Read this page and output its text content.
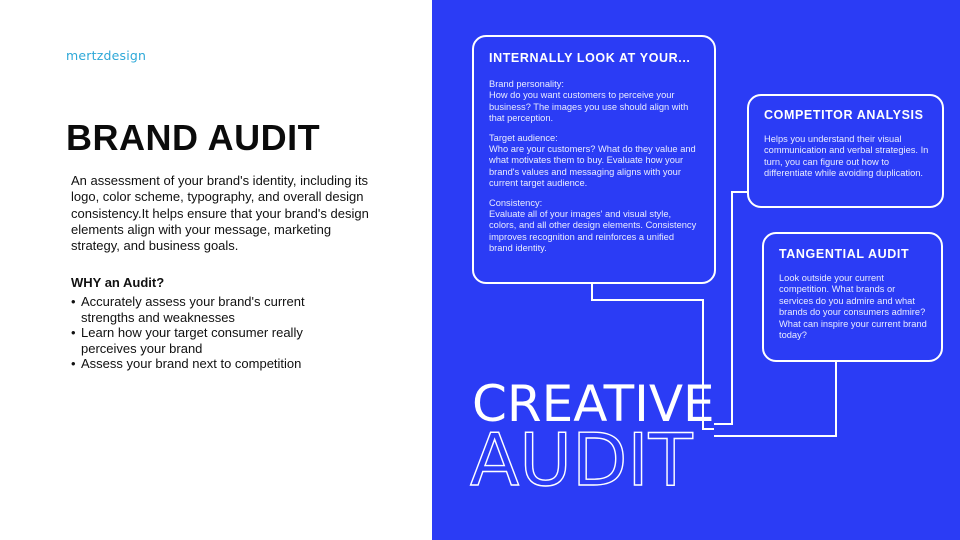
mertzdesign
BRAND AUDIT

An assessment of your brand's identity, including its logo, color scheme, typography, and overall design consistency.It helps ensure that your brand's design elements align with your message, marketing strategy, and business goals.

WHY an Audit?
• Accurately assess your brand's current strengths and weaknesses
• Learn how your target consumer really perceives your brand
• Assess your brand next to competition
INTERNALLY LOOK AT YOUR...

Brand personality:

How do you want customers to perceive your business? The images you use should align with that perception.

Target audience:

Who are your customers? What do they value and what motivates them to buy. Evaluate how your brand's values and messaging aligns with your current target audience.

Consistency:

Evaluate all of your images' and visual style, colors, and all other design elements. Consistency improves recognition and reinforces a unified brand identity.

COMPETITOR ANALYSIS

Helps you understand their visual communication and verbal strategies. In turn, you can figure out how to differentiate while avoiding duplication.

TANGENTIAL AUDIT

Look outside your current competition. What brands or services do you admire and what brands do your consumers admire? What can inspire your current brand today?

CREATIVE
AUDIT
